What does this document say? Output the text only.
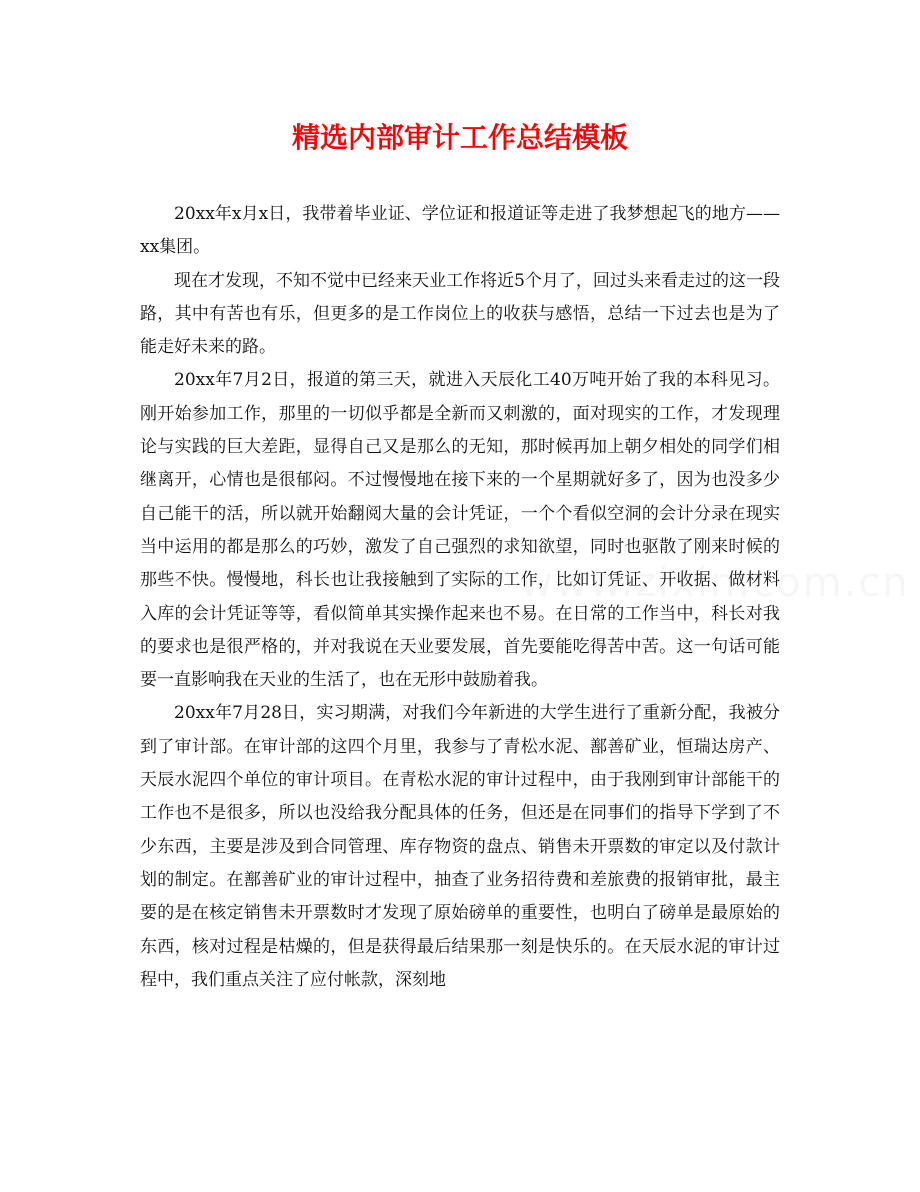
精选内部审计工作总结模板

20xx年x月x日，我带着毕业证、学位证和报道证等走进了我梦想起飞的地方——xx集团。

现在才发现，不知不觉中已经来天业工作将近5个月了，回过头来看走过的这一段路，其中有苦也有乐，但更多的是工作岗位上的收获与感悟，总结一下过去也是为了能走好未来的路。

20xx年7月2日，报道的第三天，就进入天辰化工40万吨开始了我的本科见习。刚开始参加工作，那里的一切似乎都是全新而又刺激的，面对现实的工作，才发现理论与实践的巨大差距，显得自己又是那么的无知，那时候再加上朝夕相处的同学们相继离开，心情也是很郁闷。不过慢慢地在接下来的一个星期就好多了，因为也没多少自己能干的活，所以就开始翻阅大量的会计凭证，一个个看似空洞的会计分录在现实当中运用的都是那么的巧妙，激发了自己强烈的求知欲望，同时也驱散了刚来时候的那些不快。慢慢地，科长也让我接触到了实际的工作，比如订凭证、开收据、做材料入库的会计凭证等等，看似简单其实操作起来也不易。在日常的工作当中，科长对我的要求也是很严格的，并对我说在天业要发展，首先要能吃得苦中苦。这一句话可能要一直影响我在天业的生活了，也在无形中鼓励着我。

20xx年7月28日，实习期满，对我们今年新进的大学生进行了重新分配，我被分到了审计部。在审计部的这四个月里，我参与了青松水泥、鄯善矿业，恒瑞达房产、天辰水泥四个单位的审计项目。在青松水泥的审计过程中，由于我刚到审计部能干的工作也不是很多，所以也没给我分配具体的任务，但还是在同事们的指导下学到了不少东西，主要是涉及到合同管理、库存物资的盘点、销售未开票数的审定以及付款计划的制定。在鄯善矿业的审计过程中，抽查了业务招待费和差旅费的报销审批，最主要的是在核定销售未开票数时才发现了原始磅单的重要性，也明白了磅单是最原始的东西，核对过程是枯燥的，但是获得最后结果那一刻是快乐的。在天辰水泥的审计过程中，我们重点关注了应付帐款，深刻地
